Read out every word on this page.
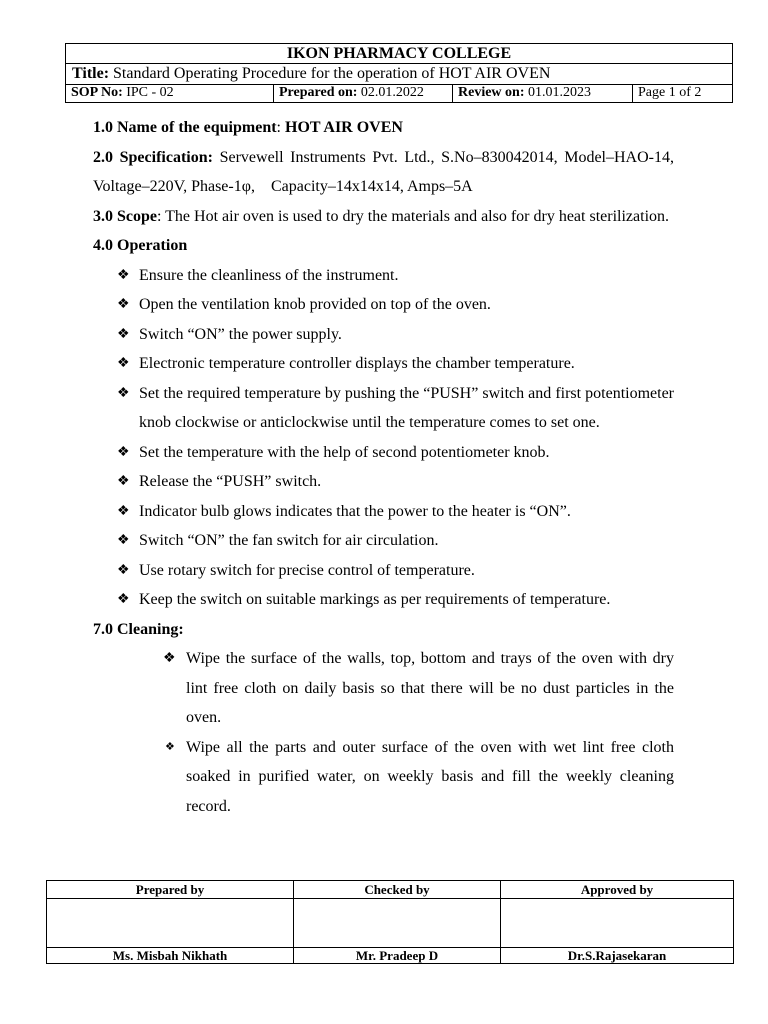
IKON PHARMACY COLLEGE
Title: Standard Operating Procedure for the operation of HOT AIR OVEN
SOP No: IPC - 02	Prepared on: 02.01.2022	Review on: 01.01.2023	Page 1 of 2

1.0 Name of the equipment: HOT AIR OVEN

2.0 Specification: Servewell Instruments Pvt. Ltd., S.No–830042014, Model–HAO-14, Voltage–220V, Phase-1φ,    Capacity–14x14x14, Amps–5A

3.0 Scope: The Hot air oven is used to dry the materials and also for dry heat sterilization.

4.0 Operation

❖ Ensure the cleanliness of the instrument.
❖ Open the ventilation knob provided on top of the oven.
❖ Switch “ON” the power supply.
❖ Electronic temperature controller displays the chamber temperature.
❖ Set the required temperature by pushing the “PUSH” switch and first potentiometer knob clockwise or anticlockwise until the temperature comes to set one.
❖ Set the temperature with the help of second potentiometer knob.
❖ Release the “PUSH” switch.
❖ Indicator bulb glows indicates that the power to the heater is “ON”.
❖ Switch “ON” the fan switch for air circulation.
❖ Use rotary switch for precise control of temperature.
❖ Keep the switch on suitable markings as per requirements of temperature.

7.0 Cleaning:

❖ Wipe the surface of the walls, top, bottom and trays of the oven with dry lint free cloth on daily basis so that there will be no dust particles in the oven.
❖ Wipe all the parts and outer surface of the oven with wet lint free cloth soaked in purified water, on weekly basis and fill the weekly cleaning record.
Prepared by	Checked by	Approved by

Ms. Misbah Nikhath	Mr. Pradeep D	Dr.S.Rajasekaran
